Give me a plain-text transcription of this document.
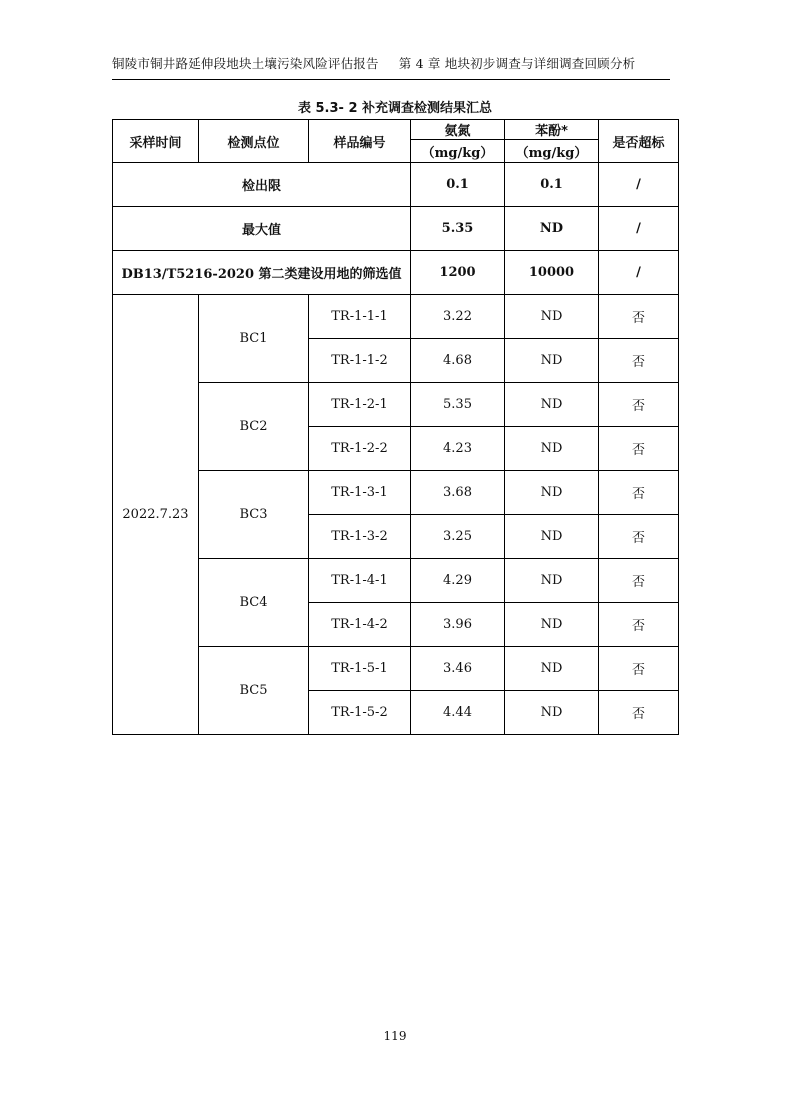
铜陵市铜井路延伸段地块土壤污染风险评估报告 第 4 章 地块初步调查与详细调查回顾分析
表 5.3- 2 补充调查检测结果汇总
采样时间	检测点位	样品编号	氨氮	苯酚*	是否超标
			（mg/kg）	（mg/kg）	
检出限			0.1	0.1	/
最大值			5.35	ND	/
DB13/T5216-2020 第二类建设用地的筛选值			1200	10000	/
2022.7.23	BC1	TR-1-1-1	3.22	ND	否
		TR-1-1-2	4.68	ND	否
	BC2	TR-1-2-1	5.35	ND	否
		TR-1-2-2	4.23	ND	否
	BC3	TR-1-3-1	3.68	ND	否
		TR-1-3-2	3.25	ND	否
	BC4	TR-1-4-1	4.29	ND	否
		TR-1-4-2	3.96	ND	否
	BC5	TR-1-5-1	3.46	ND	否
		TR-1-5-2	4.44	ND	否
119
